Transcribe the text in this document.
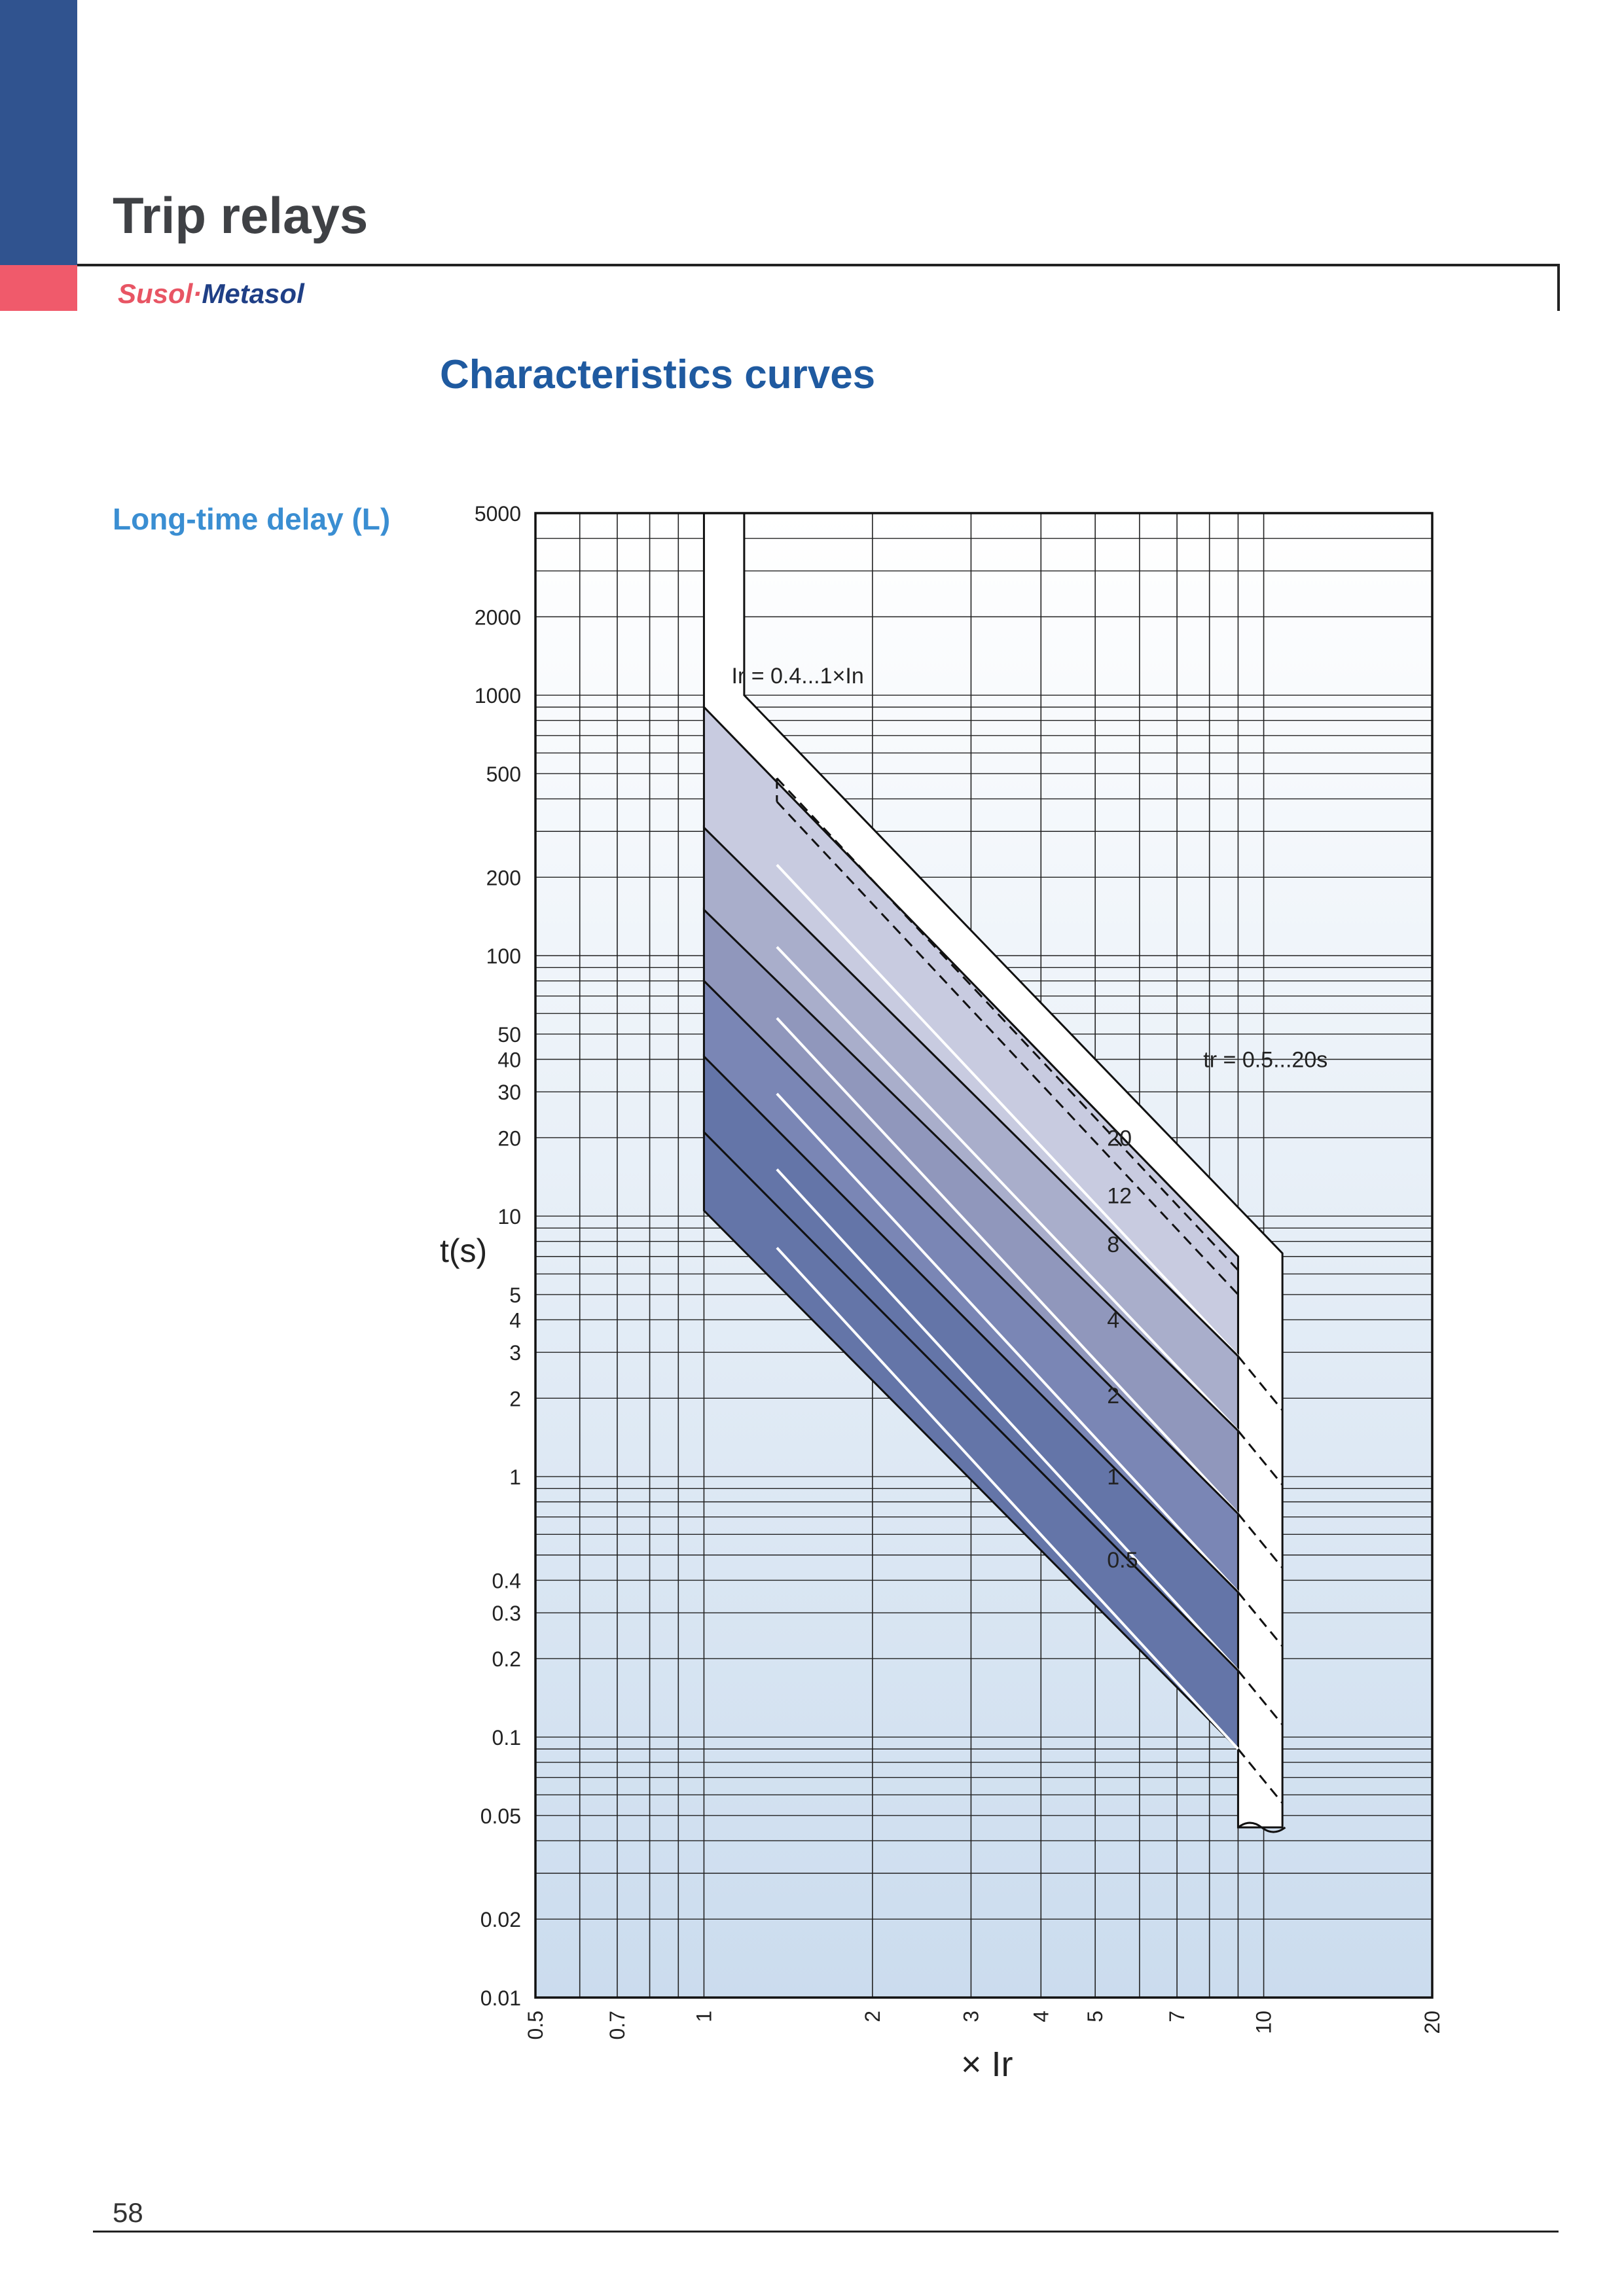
Trip relays
Susol·Metasol
Characteristics curves
Long-time delay (L)	5000
2000
1000
500
200
100
50
40
30
20
10
5
4
3
2
1
0.4
0.3
0.2
0.1
0.05
0.02
0.01
0.5	0.7	1	2	3 4 5	7	10	20
t(s)
× Ir
Ir = 0.4...1×In
tr = 0.5...20s
20
12
8
4
2
1
0.5
58
